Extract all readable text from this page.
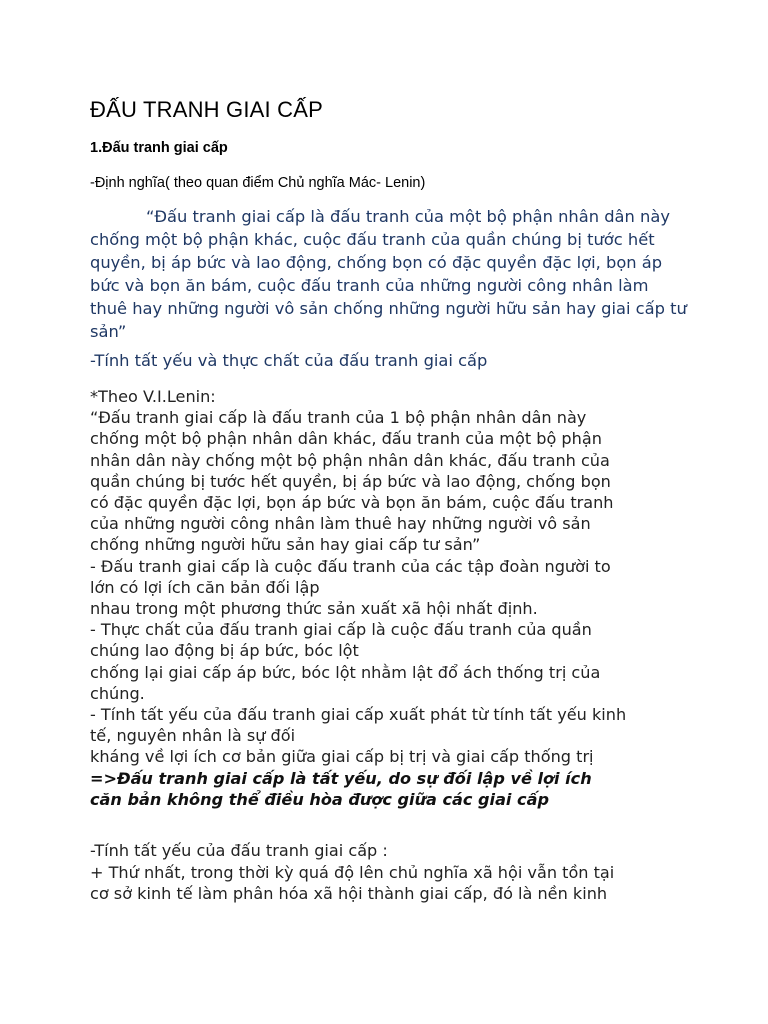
ĐẤU TRANH GIAI CẤP
1.Đấu tranh giai cấp
-Định nghĩa( theo quan điểm Chủ nghĩa Mác- Lenin)

“Đấu tranh giai cấp là đấu tranh của một bộ phận nhân dân này chống một bộ phận khác, cuộc đấu tranh của quần chúng bị tước hết quyền, bị áp bức và lao động, chống bọn có đặc quyền đặc lợi, bọn áp bức và bọn ăn bám, cuộc đấu tranh của những người công nhân làm thuê hay những người vô sản chống những người hữu sản hay giai cấp tư sản”

-Tính tất yếu và thực chất của đấu tranh giai cấp
*Theo V.I.Lenin:
“Đấu tranh giai cấp là đấu tranh của 1 bộ phận nhân dân này
chống một bộ phận nhân dân khác, đấu tranh của một bộ phận
nhân dân này chống một bộ phận nhân dân khác, đấu tranh của
quần chúng bị tước hết quyền, bị áp bức và lao động, chống bọn
có đặc quyền đặc lợi, bọn áp bức và bọn ăn bám, cuộc đấu tranh
của những người công nhân làm thuê hay những người vô sản
chống những người hữu sản hay giai cấp tư sản”
- Đấu tranh giai cấp là cuộc đấu tranh của các tập đoàn người to
lớn có lợi ích căn bản đối lập
nhau trong một phương thức sản xuất xã hội nhất định.
- Thực chất của đấu tranh giai cấp là cuộc đấu tranh của quần
chúng lao động bị áp bức, bóc lột
chống lại giai cấp áp bức, bóc lột nhằm lật đổ ách thống trị của
chúng.
- Tính tất yếu của đấu tranh giai cấp xuất phát từ tính tất yếu kinh
tế, nguyên nhân là sự đối
kháng về lợi ích cơ bản giữa giai cấp bị trị và giai cấp thống trị
=>Đấu tranh giai cấp là tất yếu, do sự đối lập về lợi ích
căn bản không thể điều hòa được giữa các giai cấp
-Tính tất yếu của đấu tranh giai cấp :
+ Thứ nhất, trong thời kỳ quá độ lên chủ nghĩa xã hội vẫn tồn tại
cơ sở kinh tế làm phân hóa xã hội thành giai cấp, đó là nền kinh
